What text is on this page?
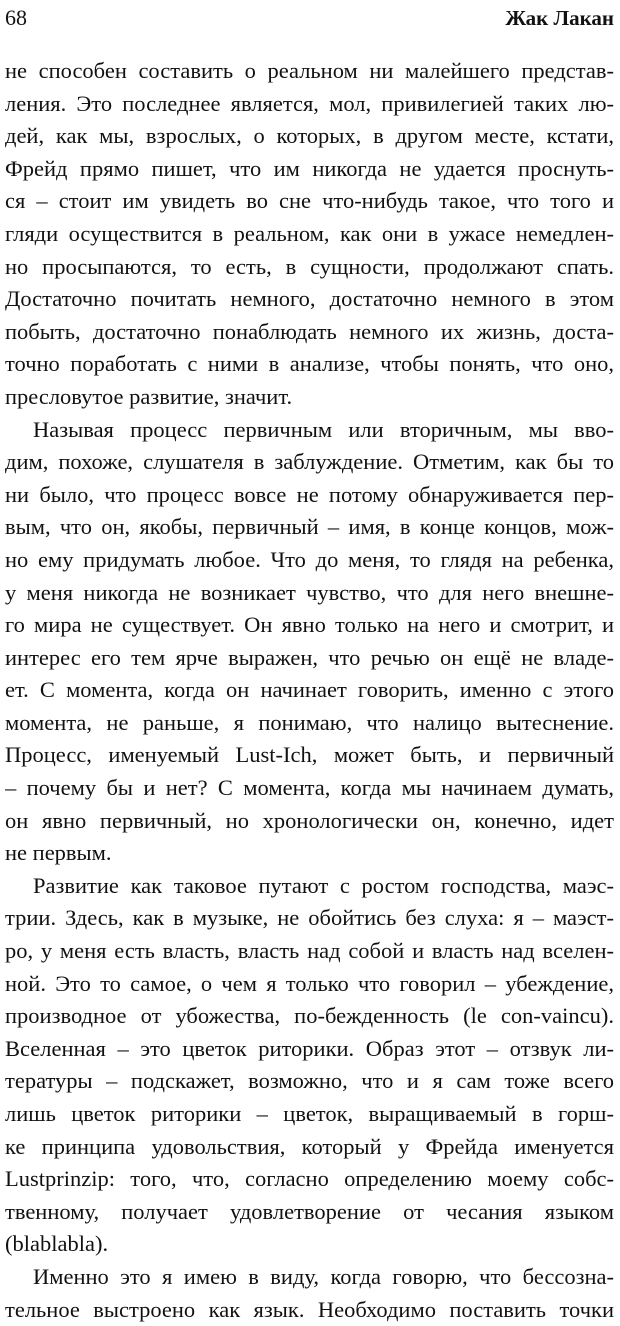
68	Жак Лакан
не способен составить о реальном ни малейшего представ-
ления. Это последнее является, мол, привилегией таких лю-
дей, как мы, взрослых, о которых, в другом месте, кстати,
Фрейд прямо пишет, что им никогда не удается проснуть-
ся – стоит им увидеть во сне что-нибудь такое, что того и
гляди осуществится в реальном, как они в ужасе немедлен-
но просыпаются, то есть, в сущности, продолжают спать.
Достаточно почитать немного, достаточно немного в этом
побыть, достаточно понаблюдать немного их жизнь, доста-
точно поработать с ними в анализе, чтобы понять, что оно,
пресловутое развитие, значит.
Называя процесс первичным или вторичным, мы вво-
дим, похоже, слушателя в заблуждение. Отметим, как бы то
ни было, что процесс вовсе не потому обнаруживается пер-
вым, что он, якобы, первичный – имя, в конце концов, мож-
но ему придумать любое. Что до меня, то глядя на ребенка,
у меня никогда не возникает чувство, что для него внешне-
го мира не существует. Он явно только на него и смотрит, и
интерес его тем ярче выражен, что речью он ещё не владе-
ет. С момента, когда он начинает говорить, именно с этого
момента, не раньше, я понимаю, что налицо вытеснение.
Процесс, именуемый Lust-Ich, может быть, и первичный
– почему бы и нет? С момента, когда мы начинаем думать,
он явно первичный, но хронологически он, конечно, идет
не первым.
Развитие как таковое путают с ростом господства, маэс-
трии. Здесь, как в музыке, не обойтись без слуха: я – маэст-
ро, у меня есть власть, власть над собой и власть над вселен-
ной. Это то самое, о чем я только что говорил – убеждение,
производное от убожества, по-бежденность (le con-vaincu).
Вселенная – это цветок риторики. Образ этот – отзвук ли-
тературы – подскажет, возможно, что и я сам тоже всего
лишь цветок риторики – цветок, выращиваемый в горш-
ке принципа удовольствия, который у Фрейда именуется
Lustprinzip: того, что, согласно определению моему собс-
твенному, получает удовлетворение от чесания языком
(blablabla).
Именно это я имею в виду, когда говорю, что бессозна-
тельное выстроено как язык. Необходимо поставить точки
